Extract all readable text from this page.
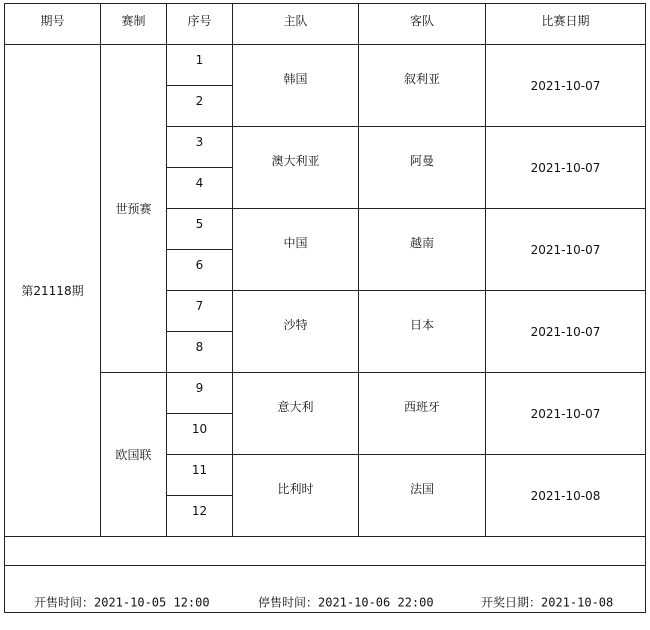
期号	赛制	序号	主队	客队	比赛日期
第21118期	世预赛	1	韩国	叙利亚	2021-10-07
		2			
		3	澳大利亚	阿曼	2021-10-07
		4			
		5	中国	越南	2021-10-07
		6			
		7	沙特	日本	2021-10-07
		8			
	欧国联	9	意大利	西班牙	2021-10-07
		10			
		11	比利时	法国	2021-10-08
		12			

开售时间：2021-10-05 12:00 停售时间：2021-10-06 22:00 开奖日期：2021-10-08					
